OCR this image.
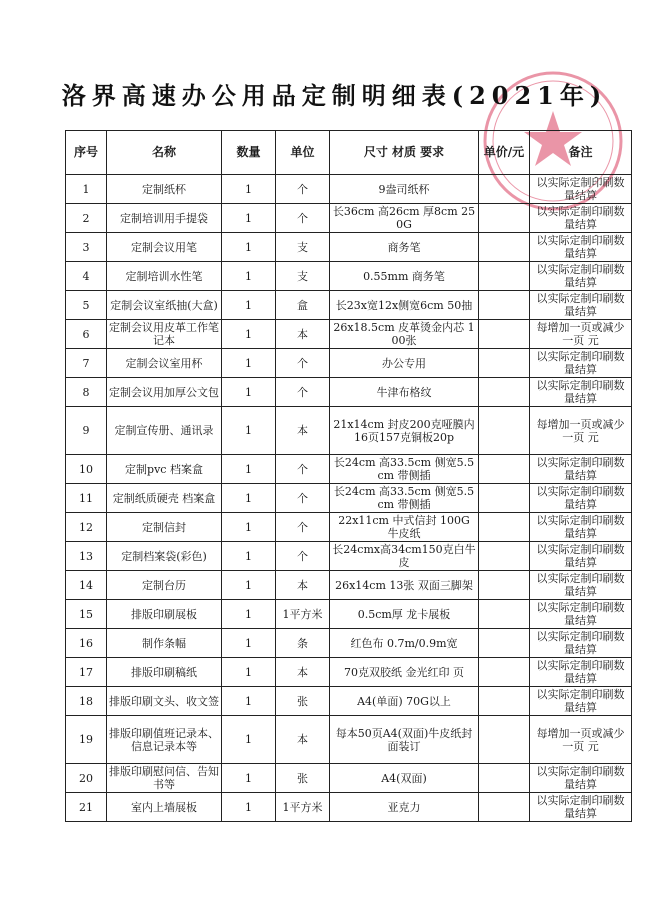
洛界高速办公用品定制明细表(2021年)
序号	名称	数量	单位	尺寸 材质 要求	单价/元	备注
1	定制纸杯	1	个	9盎司纸杯		以实际定制印刷数量结算
2	定制培训用手提袋	1	个	长36cm 高26cm 厚8cm 250G		以实际定制印刷数量结算
3	定制会议用笔	1	支	商务笔		以实际定制印刷数量结算
4	定制培训水性笔	1	支	0.55mm 商务笔		以实际定制印刷数量结算
5	定制会议室纸抽(大盒)	1	盒	长23x宽12x侧宽6cm 50抽		以实际定制印刷数量结算
6	定制会议用皮革工作笔记本	1	本	26x18.5cm 皮革烫金内芯 100张		每增加一页或减少一页 元
7	定制会议室用杯	1	个	办公专用		以实际定制印刷数量结算
8	定制会议用加厚公文包	1	个	牛津布格纹		以实际定制印刷数量结算
9	定制宣传册、通讯录	1	本	21x14cm 封皮200克哑膜内16页157克铜板20p		每增加一页或减少一页 元
10	定制pvc 档案盒	1	个	长24cm 高33.5cm 侧宽5.5cm 带侧插		以实际定制印刷数量结算
11	定制纸质硬壳 档案盒	1	个	长24cm 高33.5cm 侧宽5.5cm 带侧插		以实际定制印刷数量结算
12	定制信封	1	个	22x11cm 中式信封 100G 牛皮纸		以实际定制印刷数量结算
13	定制档案袋(彩色)	1	个	长24cmx高34cm150克白牛皮		以实际定制印刷数量结算
14	定制台历	1	本	26x14cm 13张 双面三脚架		以实际定制印刷数量结算
15	排版印刷展板	1	1平方米	0.5cm厚 龙卡展板		以实际定制印刷数量结算
16	制作条幅	1	条	红色布 0.7m/0.9m宽		以实际定制印刷数量结算
17	排版印刷稿纸	1	本	70克双胶纸 金光红印 页		以实际定制印刷数量结算
18	排版印刷文头、收文签	1	张	A4(单面) 70G以上		以实际定制印刷数量结算
19	排版印刷值班记录本、信息记录本等	1	本	每本50页A4(双面)牛皮纸封面装订		每增加一页或减少一页 元
20	排版印刷慰问信、告知书等	1	张	A4(双面)		以实际定制印刷数量结算
21	室内上墙展板	1	1平方米	亚克力		以实际定制印刷数量结算
